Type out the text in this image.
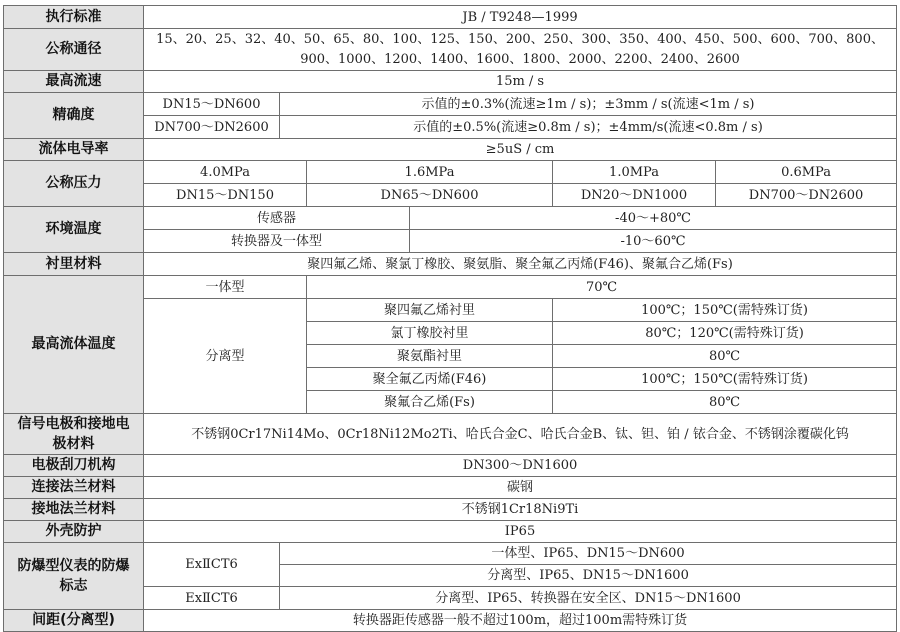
执行标准	JB / T9248—1999					
公称通径	15、20、25、32、40、50、65、80、100、125、150、200、250、300、350、400、450、500、600、700、800、900、1000、1200、1400、1600、1800、2000、2200、2400、2600					
最高流速	15m / s					
精确度	DN15～DN600	示值的±0.3%(流速≥1m / s)；±3mm / s(流速<1m / s)				
	DN700～DN2600	示值的±0.5%(流速≥0.8m / s)；±4mm/s(流速<0.8m / s)				
流体电导率	≥5uS / cm					
公称压力	4.0MPa		1.6MPa		1.0MPa	0.6MPa
	DN15～DN150		DN65～DN600		DN20～DN1000	DN700～DN2600
环境温度	传感器			-40～+80℃		
	转换器及一体型			-10～60℃		
衬里材料	聚四氟乙烯、聚氯丁橡胶、聚氨脂、聚全氟乙丙烯(F46)、聚氟合乙烯(Fs)					
最高流体温度	一体型		70℃			
	分离型		聚四氟乙烯衬里		100℃；150℃(需特殊订货)	
			氯丁橡胶衬里		80℃；120℃(需特殊订货)	
			聚氨酯衬里		80℃	
			聚全氟乙丙烯(F46)		100℃；150℃(需特殊订货)	
			聚氟合乙烯(Fs)		80℃	
信号电极和接地电
极材料	不锈钢0Cr17Ni14Mo、0Cr18Ni12Mo2Ti、哈氏合金C、哈氏合金B、钛、钽、铂 / 铱合金、不锈钢涂覆碳化钨					
电极刮刀机构	DN300～DN1600					
连接法兰材料	碳钢					
接地法兰材料	不锈钢1Cr18Ni9Ti					
外壳防护	IP65					
防爆型仪表的防爆
标志	ExⅡCT6	一体型、IP65、DN15～DN600				
		分离型、IP65、DN15～DN1600				
	ExⅡCT6	分离型、IP65、转换器在安全区、DN15～DN1600				
间距(分离型)	转换器距传感器一般不超过100m，超过100m需特殊订货					
